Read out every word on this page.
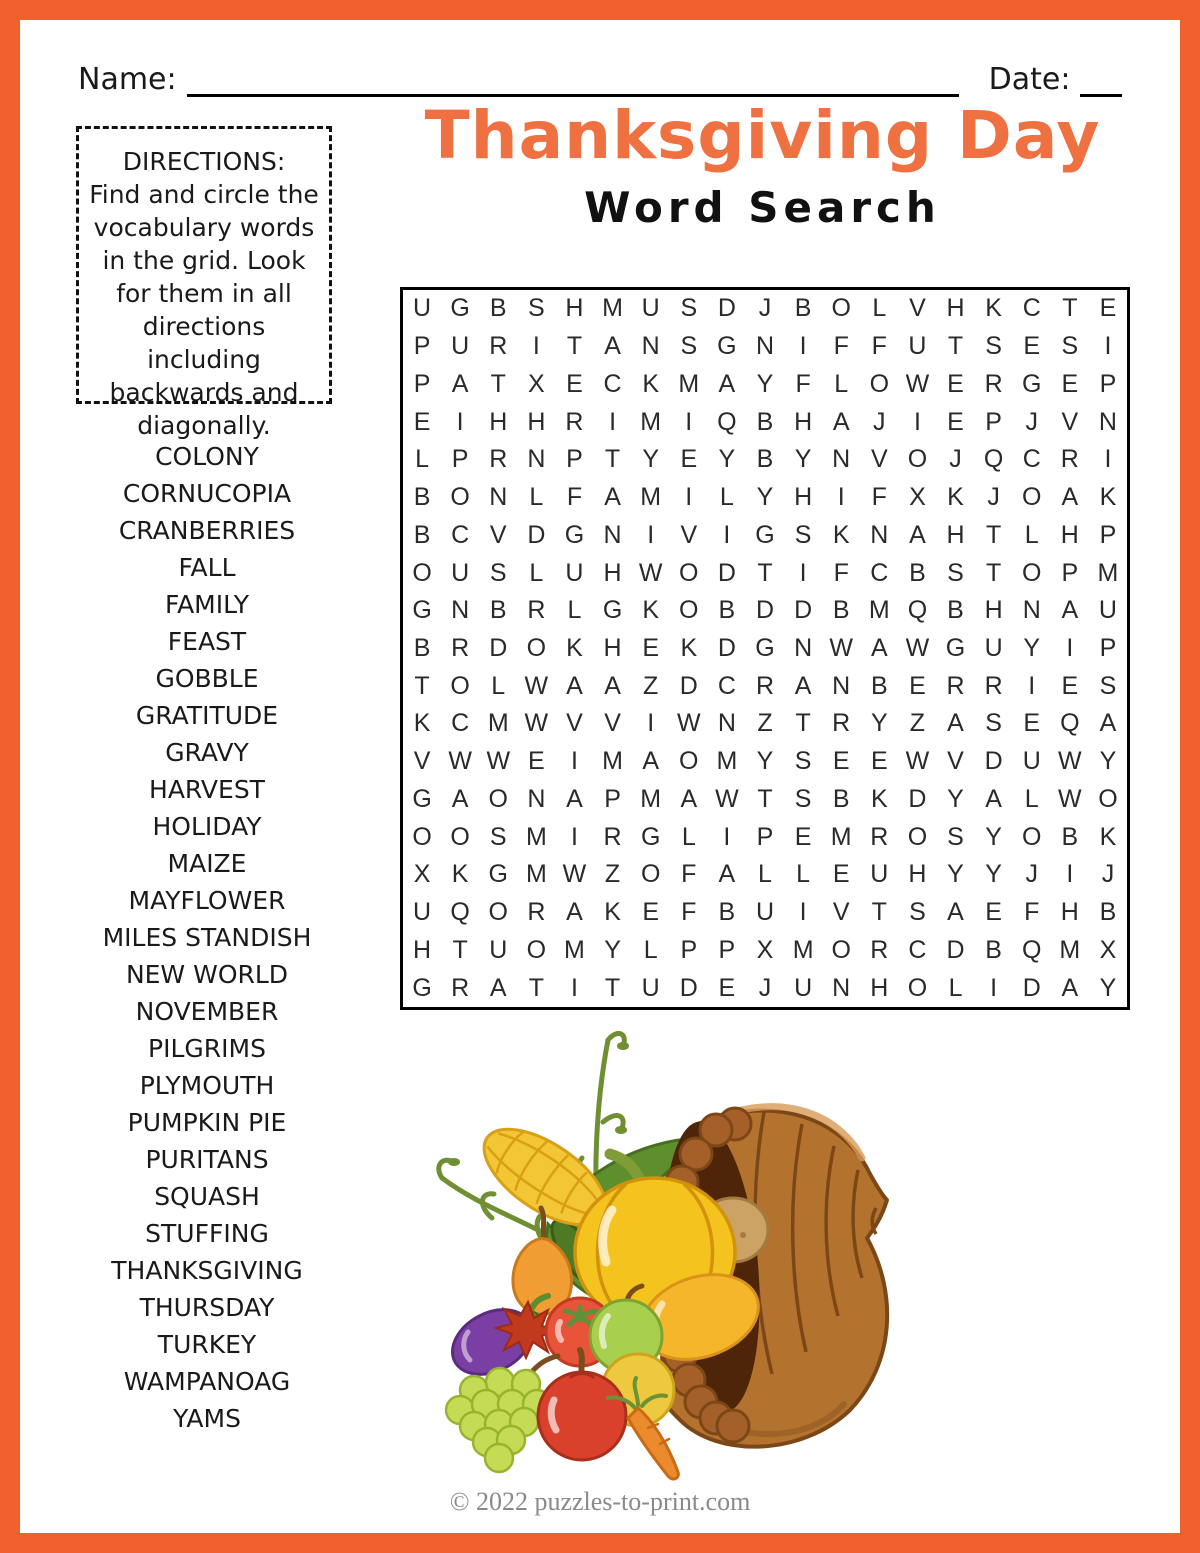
Name:	Date:
Thanksgiving Day
Word Search
DIRECTIONS:
Find and circle the vocabulary words in the grid. Look for them in all directions including backwards and diagonally.
COLONY
CORNUCOPIA
CRANBERRIES
FALL
FAMILY
FEAST
GOBBLE
GRATITUDE
GRAVY
HARVEST
HOLIDAY
MAIZE
MAYFLOWER
MILES STANDISH
NEW WORLD
NOVEMBER
PILGRIMS
PLYMOUTH
PUMPKIN PIE
PURITANS
SQUASH
STUFFING
THANKSGIVING
THURSDAY
TURKEY
WAMPANOAG
YAMS
U G B S H M U S D J B O L V H K C T E
P U R	I	T A N S G N	I	F F U T S E S	I
P A T X E C K M A Y F L O W E R G E P
E	I	H H R	I M I Q B H A J	I	E P J V N
L P R N P T Y E Y B Y N V O J Q C R	I
B O N L F A M I	L Y H	I	F X K J O A K
B C V D G N	I	V	I G S K N A H T L H P
O U S L U H W O D T	I	F C B S T O P M
G N B R L G K O B D D B M Q B H N A U
B R D O K H E K D G N W A W G U Y	I	P
T O L W A A Z D C R A N B E R R	I	E S
K C M W V V	I W N Z T R Y Z A S E Q A
V W W E	I M A O M Y S E E W V D U W Y
G A O N A P M A W T S B K D Y A L W O
O O S M I	R G L	I	P E M R O S Y O B K
X K G M W Z O F A L L E U H Y Y J	I	J
U Q O R A K E F B U	I	V T S A E F H B
H T U O M Y L P P X M O R C D B Q M X
G R A T	I	T U D E J U N H O L	I	D A Y
© 2022 puzzles-to-print.com
